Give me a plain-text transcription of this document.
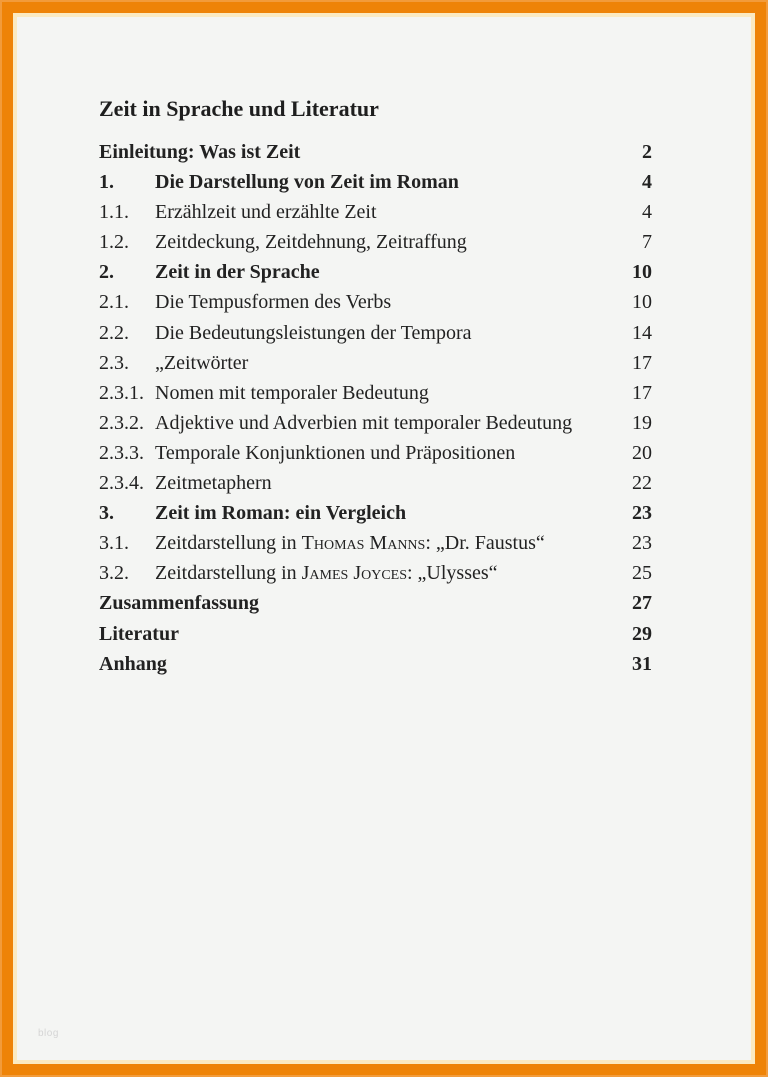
Zeit in Sprache und Literatur
Einleitung: Was ist Zeit	2
1.	Die Darstellung von Zeit im Roman	4
1.1.	Erzählzeit und erzählte Zeit	4
1.2.	Zeitdeckung, Zeitdehnung, Zeitraffung	7
2.	Zeit in der Sprache	10
2.1.	Die Tempusformen des Verbs	10
2.2.	Die Bedeutungsleistungen der Tempora	14
2.3.	„Zeitwörter	17
2.3.1. Nomen mit temporaler Bedeutung	17
2.3.2. Adjektive und Adverbien mit temporaler Bedeutung	19
2.3.3. Temporale Konjunktionen und Präpositionen	20
2.3.4. Zeitmetaphern	22
3.	Zeit im Roman: ein Vergleich	23
3.1.	Zeitdarstellung in Thomas Manns: „Dr. Faustus“	23
3.2.	Zeitdarstellung in James Joyces: „Ulysses“	25
Zusammenfassung	27
Literatur	29
Anhang	31
blog
